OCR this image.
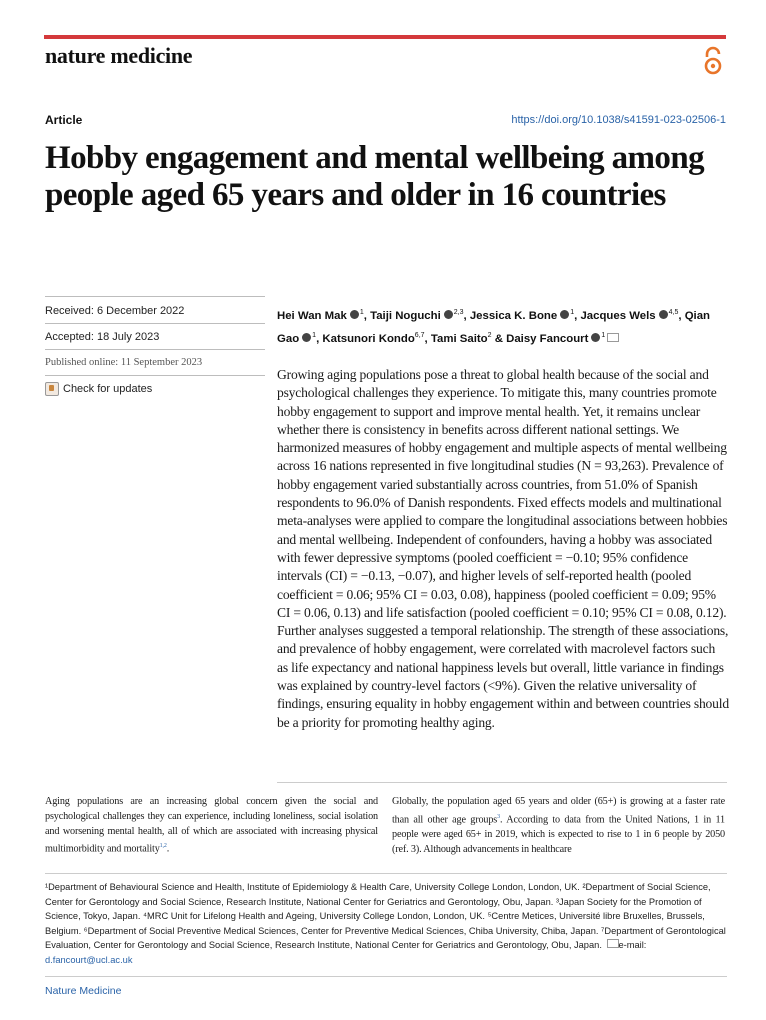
nature medicine
Article	https://doi.org/10.1038/s41591-023-02506-1
Hobby engagement and mental wellbeing among people aged 65 years and older in 16 countries
Received: 6 December 2022
Accepted: 18 July 2023
Published online: 11 September 2023
Check for updates

Hei Wan Mak $^1$, Taiji Noguchi $^{2,3}$, Jessica K. Bone $^1$, Jacques Wels $^{4,5}$, Qian Gao $^1$, Katsunori Kondo$^{6,7}$, Tami Saito$^2$ & Daisy Fancourt $^1$

Growing aging populations pose a threat to global health because of the social and psychological challenges they experience. To mitigate this, many countries promote hobby engagement to support and improve mental health. Yet, it remains unclear whether there is consistency in benefits across different national settings. We harmonized measures of hobby engagement and multiple aspects of mental wellbeing across 16 nations represented in five longitudinal studies (N = 93,263). Prevalence of hobby engagement varied substantially across countries, from 51.0% of Spanish respondents to 96.0% of Danish respondents. Fixed effects models and multinational meta-analyses were applied to compare the longitudinal associations between hobbies and mental wellbeing. Independent of confounders, having a hobby was associated with fewer depressive symptoms (pooled coefficient = −0.10; 95% confidence intervals (CI) = −0.13, −0.07), and higher levels of self-reported health (pooled coefficient = 0.06; 95% CI = 0.03, 0.08), happiness (pooled coefficient = 0.09; 95% CI = 0.06, 0.13) and life satisfaction (pooled coefficient = 0.10; 95% CI = 0.08, 0.12). Further analyses suggested a temporal relationship. The strength of these associations, and prevalence of hobby engagement, were correlated with macrolevel factors such as life expectancy and national happiness levels but overall, little variance in findings was explained by country-level factors (<9%). Given the relative universality of findings, ensuring equality in hobby engagement within and between countries should be a priority for promoting healthy aging.

Aging populations are an increasing global concern given the social and psychological challenges they can experience, including loneliness, social isolation and worsening mental health, all of which are associated with increasing physical multimorbidity and mortality$^{1,2}$.

Globally, the population aged 65 years and older (65+) is growing at a faster rate than all other age groups$^3$. According to data from the United Nations, 1 in 11 people were aged 65+ in 2019, which is expected to rise to 1 in 6 people by 2050 (ref. 3). Although advancements in healthcare

¹Department of Behavioural Science and Health, Institute of Epidemiology & Health Care, University College London, London, UK. ²Department of Social Science, Center for Gerontology and Social Science, Research Institute, National Center for Geriatrics and Gerontology, Obu, Japan. ³Japan Society for the Promotion of Science, Tokyo, Japan. ⁴MRC Unit for Lifelong Health and Ageing, University College London, London, UK. ⁵Centre Metices, Université libre Bruxelles, Brussels, Belgium. ⁶Department of Social Preventive Medical Sciences, Center for Preventive Medical Sciences, Chiba University, Chiba, Japan. ⁷Department of Gerontological Evaluation, Center for Gerontology and Social Science, Research Institute, National Center for Geriatrics and Gerontology, Obu, Japan. e-mail: d.fancourt@ucl.ac.uk

Nature Medicine
